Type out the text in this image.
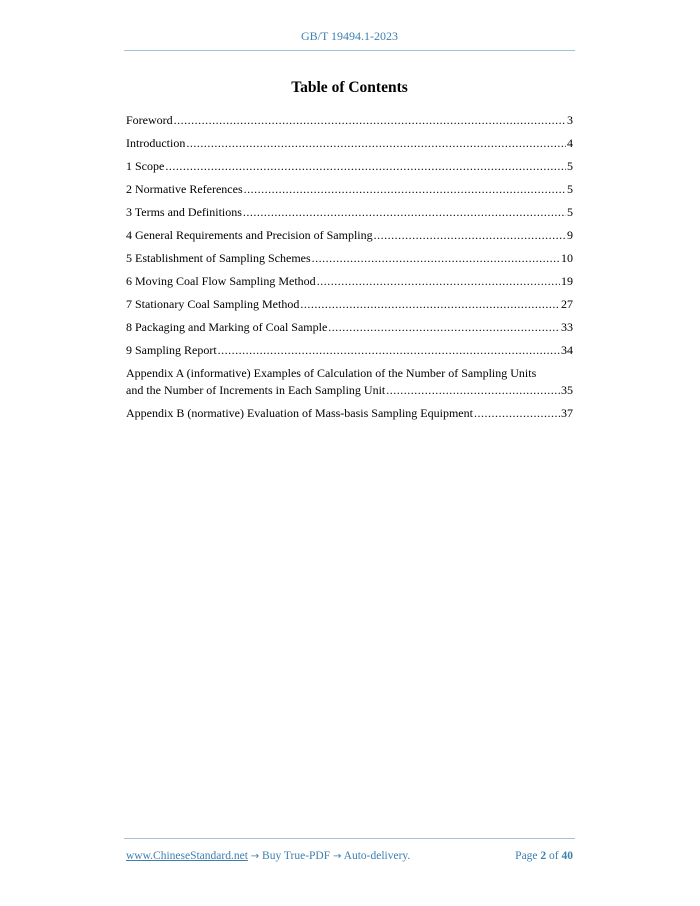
GB/T 19494.1-2023
Table of Contents
Foreword .....	3
Introduction .....	4
1 Scope .....	5
2 Normative References .....	5
3 Terms and Definitions .....	5
4 General Requirements and Precision of Sampling .....	9
5 Establishment of Sampling Schemes .....	10
6 Moving Coal Flow Sampling Method .....	19
7 Stationary Coal Sampling Method .....	27
8 Packaging and Marking of Coal Sample .....	33
9 Sampling Report .....	34
Appendix A (informative) Examples of Calculation of the Number of Sampling Units
and the Number of Increments in Each Sampling Unit .....	35
Appendix B (normative) Evaluation of Mass-basis Sampling Equipment .....	37
www.ChineseStandard.net → Buy True-PDF → Auto-delivery.	Page 2 of 40
